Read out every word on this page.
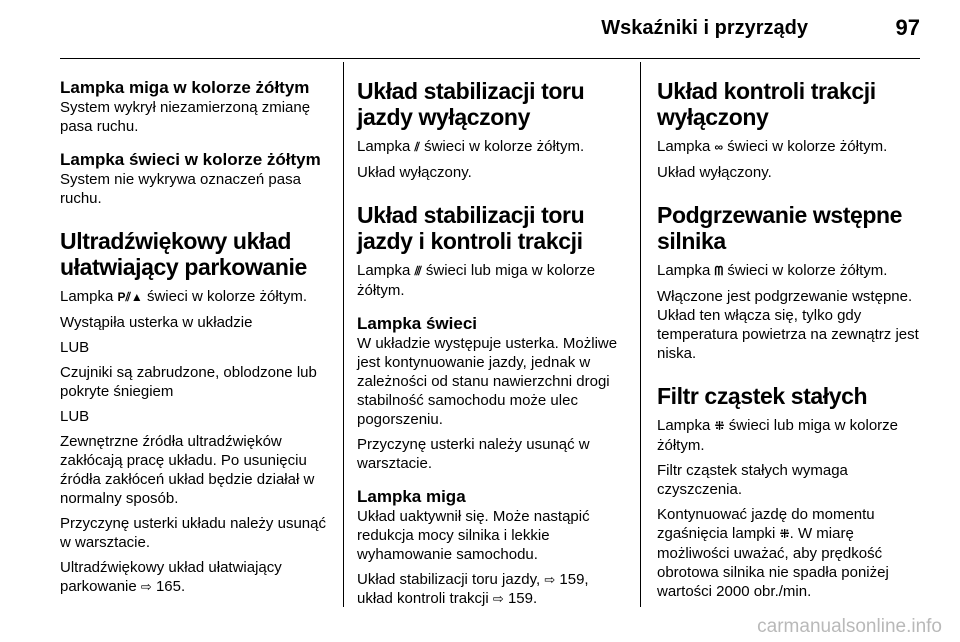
Wskaźniki i przyrządy	97
Lampka miga w kolorze żółtym

System wykrył niezamierzoną zmianę pasa ruchu.

Lampka świeci w kolorze żółtym

System nie wykrywa oznaczeń pasa ruchu.

Ultradźwiękowy układ ułatwiający parkowanie

Lampka P⫽▲ świeci w kolorze żółtym.

Wystąpiła usterka w układzie

LUB

Czujniki są zabrudzone, oblodzone lub pokryte śniegiem

LUB

Zewnętrzne źródła ultradźwięków zakłócają pracę układu. Po usunięciu źródła zakłóceń układ będzie działał w normalny sposób.

Przyczynę usterki układu należy usunąć w warsztacie.

Ultradźwiękowy układ ułatwiający parkowanie ⇨ 165.

Układ stabilizacji toru jazdy wyłączony

Lampka ⫽ świeci w kolorze żółtym.

Układ wyłączony.

Układ stabilizacji toru jazdy i kontroli trakcji

Lampka ⫻ świeci lub miga w kolorze żółtym.

Lampka świeci

W układzie występuje usterka. Możliwe jest kontynuowanie jazdy, jednak w zależności od stanu nawierzchni drogi stabilność samochodu może ulec pogorszeniu.

Przyczynę usterki należy usunąć w warsztacie.

Lampka miga

Układ uaktywnił się. Może nastąpić redukcja mocy silnika i lekkie wyhamowanie samochodu.

Układ stabilizacji toru jazdy, ⇨ 159,
układ kontroli trakcji ⇨ 159.

Układ kontroli trakcji wyłączony

Lampka ∞ świeci w kolorze żółtym.

Układ wyłączony.

Podgrzewanie wstępne silnika

Lampka ᗰ świeci w kolorze żółtym.

Włączone jest podgrzewanie wstępne. Układ ten włącza się, tylko gdy temperatura powietrza na zewnątrz jest niska.

Filtr cząstek stałych

Lampka ⁜ świeci lub miga w kolorze żółtym.

Filtr cząstek stałych wymaga czyszczenia.

Kontynuować jazdę do momentu zgaśnięcia lampki ⁜. W miarę możliwości uważać, aby prędkość obrotowa silnika nie spadła poniżej wartości 2000 obr./min.

carmanualsonline.info
